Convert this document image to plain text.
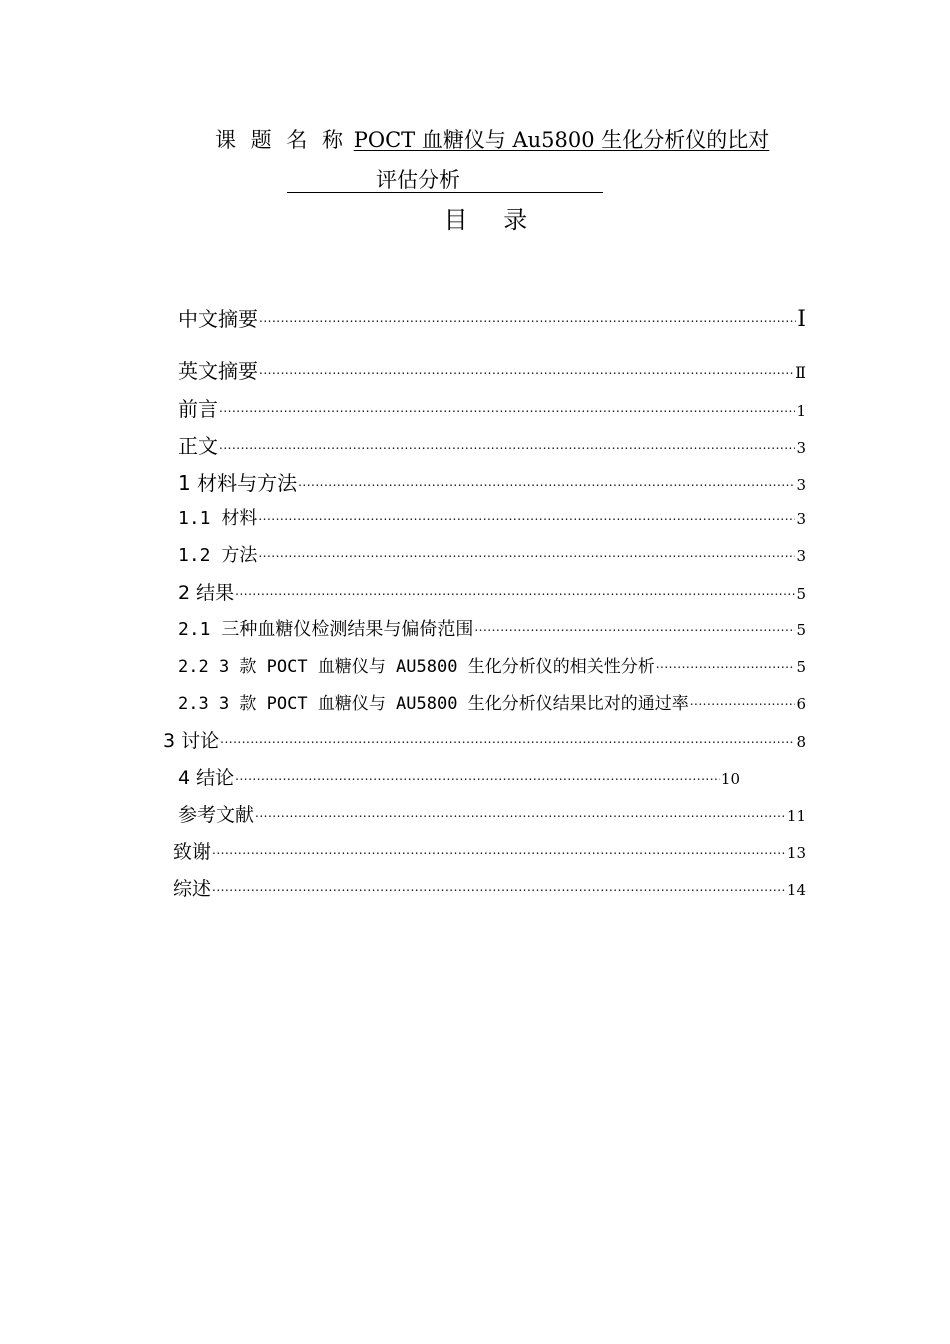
课 题 名 称 POCT 血糖仪与 Au5800 生化分析仪的比对
评估分析
目 录
中文摘要 .....	Ⅰ
英文摘要 .....	Ⅱ
前言 .....	1
正文 .....	3
1 材料与方法 .....	3
1.1 材料 .....	3
1.2 方法 .....	3
2 结果 .....	5
2.1 三种血糖仪检测结果与偏倚范围 .....	5
2.2 3 款 POCT 血糖仪与 AU5800 生化分析仪的相关性分析 .....	5
2.3 3 款 POCT 血糖仪与 AU5800 生化分析仪结果比对的通过率 .....	6
3 讨论 .....	8
4 结论 .....	10
参考文献 .....	11
致谢 .....	13
综述 .....	14
